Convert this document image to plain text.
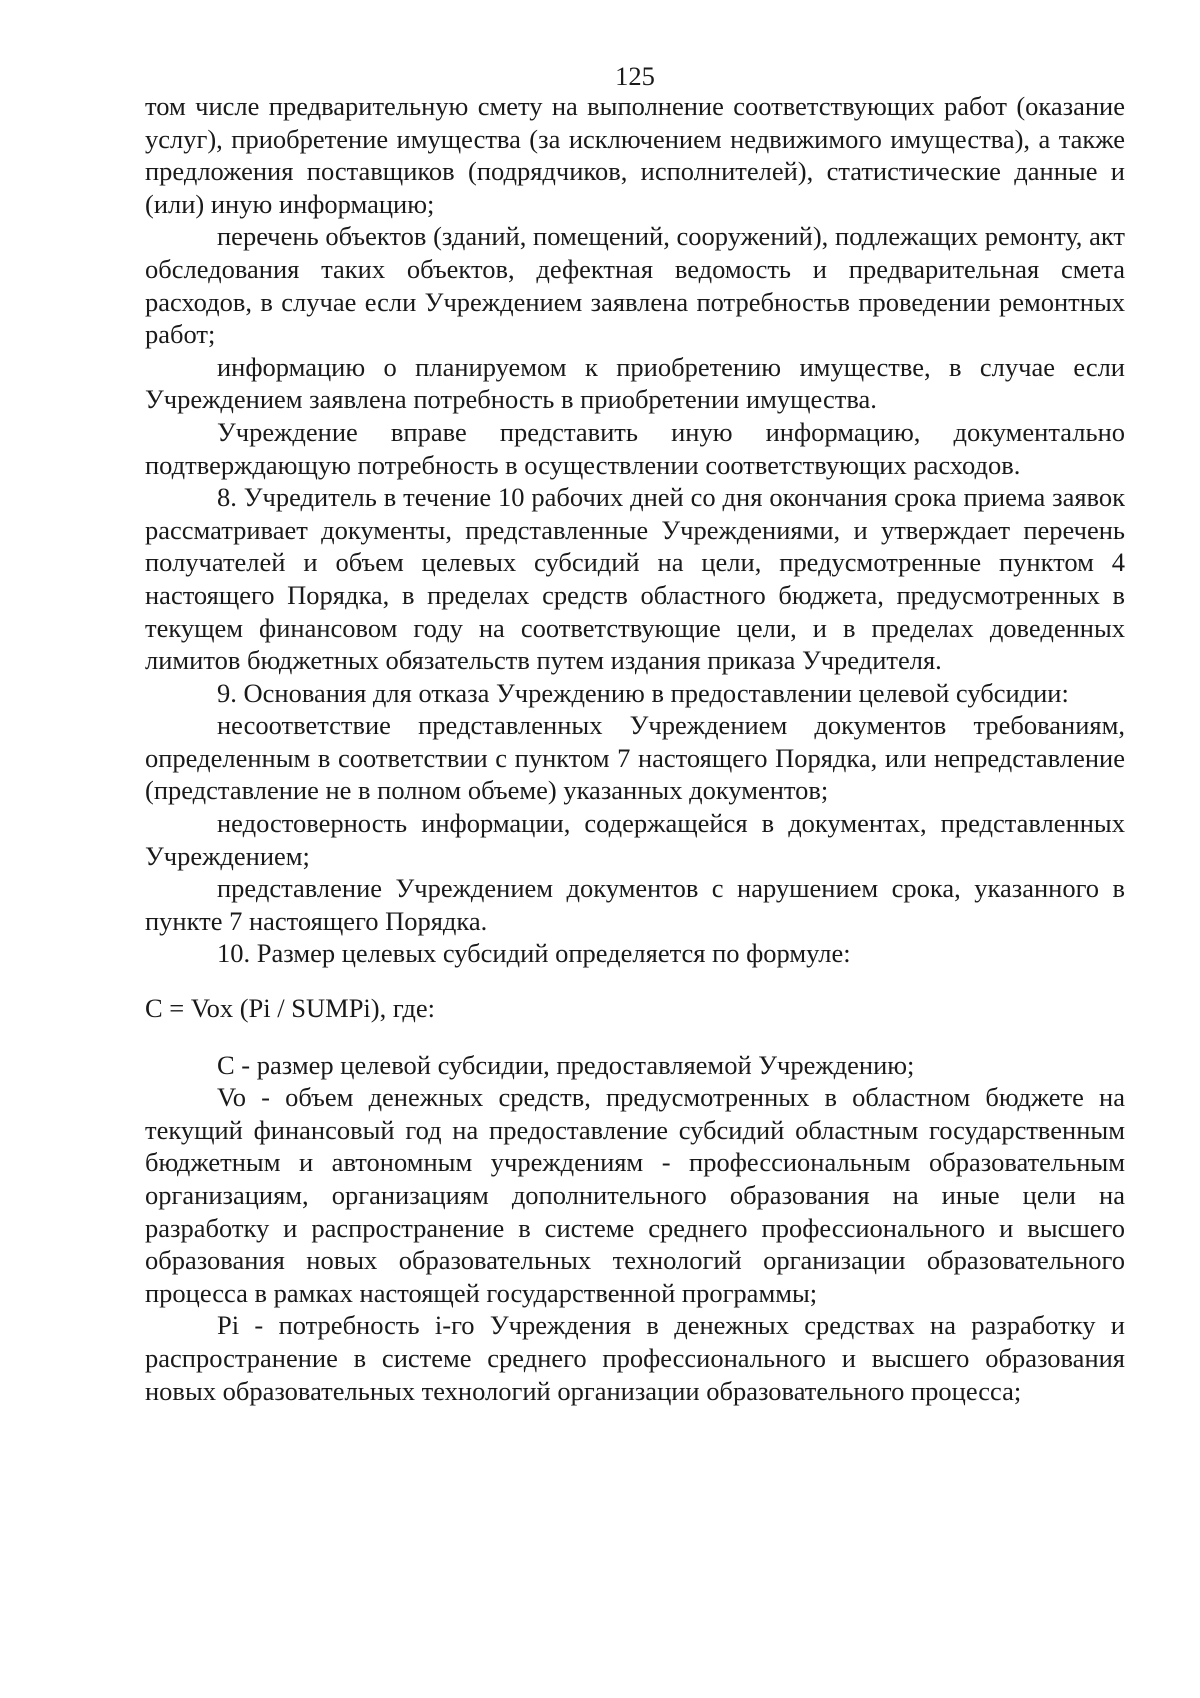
125

том числе предварительную смету на выполнение соответствующих работ (оказание услуг), приобретение имущества (за исключением недвижимого имущества), а также предложения поставщиков (подрядчиков, исполнителей), статистические данные и (или) иную информацию;

перечень объектов (зданий, помещений, сооружений), подлежащих ремонту, акт обследования таких объектов, дефектная ведомость и предварительная смета расходов, в случае если Учреждением заявлена потребностьв проведении ремонтных работ;

информацию о планируемом к приобретению имуществе, в случае если Учреждением заявлена потребность в приобретении имущества.

Учреждение вправе представить иную информацию, документально подтверждающую потребность в осуществлении соответствующих расходов.

8. Учредитель в течение 10 рабочих дней со дня окончания срока приема заявок рассматривает документы, представленные Учреждениями, и утверждает перечень получателей и объем целевых субсидий на цели, предусмотренные пунктом 4 настоящего Порядка, в пределах средств областного бюджета, предусмотренных в текущем финансовом году на соответствующие цели, и в пределах доведенных лимитов бюджетных обязательств путем издания приказа Учредителя.

9. Основания для отказа Учреждению в предоставлении целевой субсидии:

несоответствие представленных Учреждением документов требованиям, определенным в соответствии с пунктом 7 настоящего Порядка, или непредставление (представление не в полном объеме) указанных документов;

недостоверность информации, содержащейся в документах, представленных Учреждением;

представление Учреждением документов с нарушением срока, указанного в пункте 7 настоящего Порядка.

10. Размер целевых субсидий определяется по формуле:

С = Vox (Pi / SUMPi), где:

С - размер целевой субсидии, предоставляемой Учреждению;

Vo - объем денежных средств, предусмотренных в областном бюджете на текущий финансовый год на предоставление субсидий областным государственным бюджетным и автономным учреждениям - профессиональным образовательным организациям, организациям дополнительного образования на иные цели на разработку и распространение в системе среднего профессионального и высшего образования новых образовательных технологий организации образовательного процесса в рамках настоящей государственной программы;

Pi - потребность i-го Учреждения в денежных средствах на разработку и распространение в системе среднего профессионального и высшего образования новых образовательных технологий организации образовательного процесса;
